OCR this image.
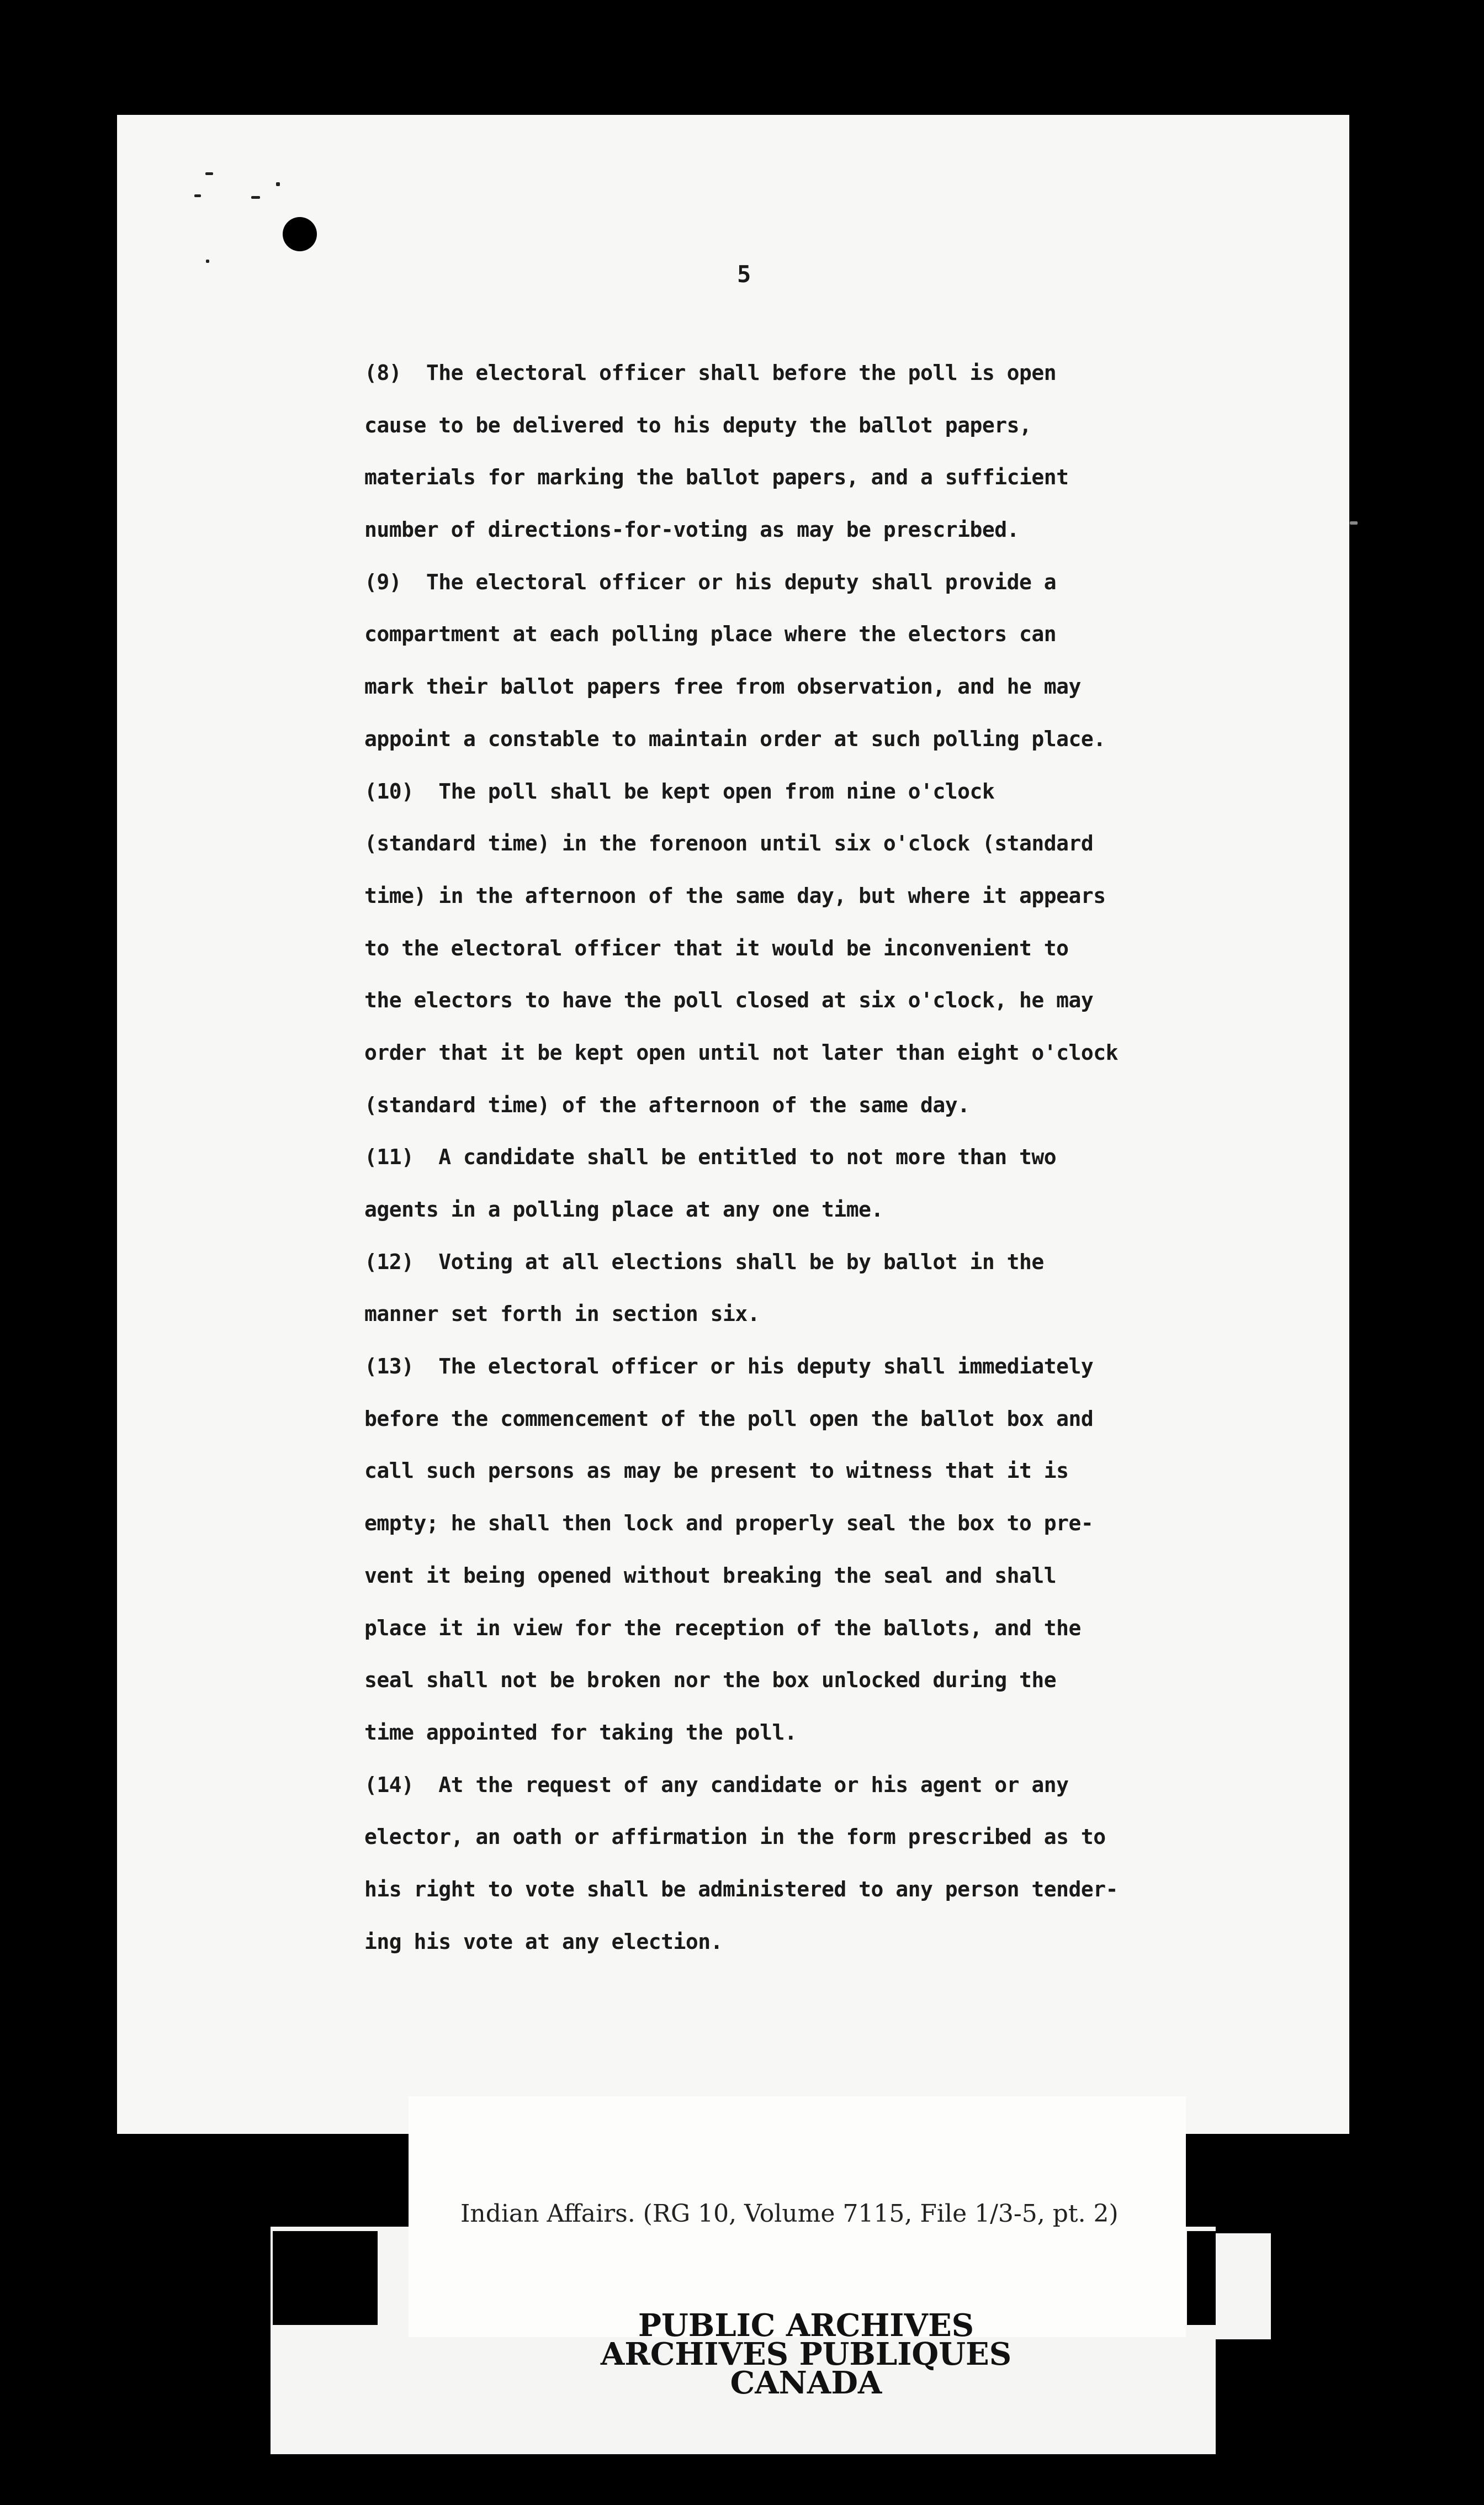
5
(8)  The electoral officer shall before the poll is open
cause to be delivered to his deputy the ballot papers,
materials for marking the ballot papers, and a sufficient
number of directions-for-voting as may be prescribed.
(9)  The electoral officer or his deputy shall provide a
compartment at each polling place where the electors can
mark their ballot papers free from observation, and he may
appoint a constable to maintain order at such polling place.
(10)  The poll shall be kept open from nine o'clock
(standard time) in the forenoon until six o'clock (standard
time) in the afternoon of the same day, but where it appears
to the electoral officer that it would be inconvenient to
the electors to have the poll closed at six o'clock, he may
order that it be kept open until not later than eight o'clock
(standard time) of the afternoon of the same day.
(11)  A candidate shall be entitled to not more than two
agents in a polling place at any one time.
(12)  Voting at all elections shall be by ballot in the
manner set forth in section six.
(13)  The electoral officer or his deputy shall immediately
before the commencement of the poll open the ballot box and
call such persons as may be present to witness that it is
empty; he shall then lock and properly seal the box to pre-
vent it being opened without breaking the seal and shall
place it in view for the reception of the ballots, and the
seal shall not be broken nor the box unlocked during the
time appointed for taking the poll.
(14)  At the request of any candidate or his agent or any
elector, an oath or affirmation in the form prescribed as to
his right to vote shall be administered to any person tender-
ing his vote at any election.
Indian Affairs. (RG 10, Volume 7115, File 1/3-5, pt. 2)
PUBLIC ARCHIVES
ARCHIVES PUBLIQUES
CANADA
